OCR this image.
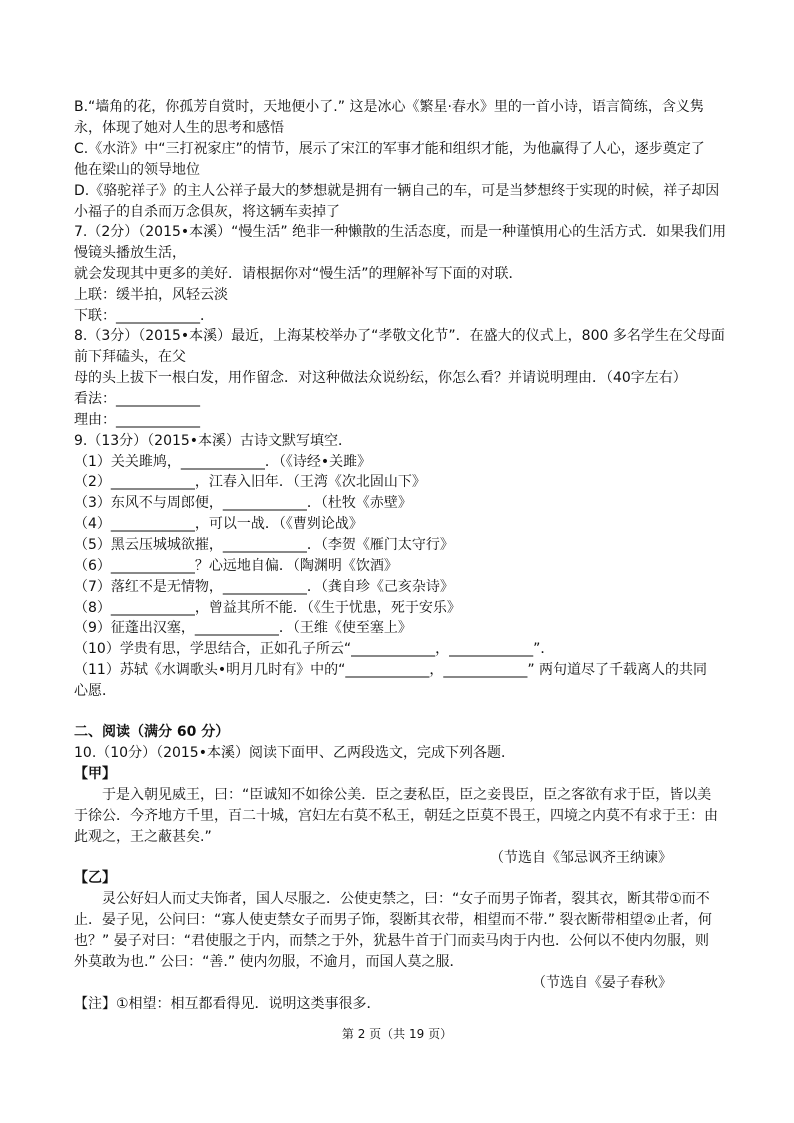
B.“墙角的花，你孤芳自赏时，天地便小了.” 这是冰心《繁星·春水》里的一首小诗，语言简练，含义隽
永，体现了她对人生的思考和感悟
C.《水浒》中“三打祝家庄”的情节，展示了宋江的军事才能和组织才能，为他赢得了人心，逐步奠定了
他在梁山的领导地位
D.《骆驼祥子》的主人公祥子最大的梦想就是拥有一辆自己的车，可是当梦想终于实现的时候，祥子却因
小福子的自杀而万念俱灰，将这辆车卖掉了
7.（2分）（2015•本溪）“慢生活” 绝非一种懒散的生活态度，而是一种谨慎用心的生活方式．如果我们用
慢镜头播放生活，
就会发现其中更多的美好．请根据你对“慢生活”的理解补写下面的对联．
上联：缓半拍，风轻云淡
下联：____________．
8.（3分）（2015•本溪）最近，上海某校举办了“孝敬文化节”．在盛大的仪式上，800 多名学生在父母面
前下拜磕头，在父
母的头上拔下一根白发，用作留念．对这种做法众说纷纭，你怎么看？并请说明理由．（40字左右）
看法：____________
理由：____________
9.（13分）（2015•本溪）古诗文默写填空．
（1）关关雎鸠，____________．（《诗经•关雎》
（2）____________，江春入旧年．（王湾《次北固山下》
（3）东风不与周郎便，____________．（杜牧《赤壁》
（4）____________，可以一战．（《曹刿论战》
（5）黑云压城城欲摧，____________．（李贺《雁门太守行》
（6）____________？心远地自偏．（陶渊明《饮酒》
（7）落红不是无情物，____________．（龚自珍《己亥杂诗》
（8）____________，曾益其所不能．（《生于忧患，死于安乐》
（9）征蓬出汉塞，____________．（王维《使至塞上》
（10）学贵有思，学思结合，正如孔子所云“____________，____________”．
（11）苏轼《水调歌头•明月几时有》中的“____________，____________” 两句道尽了千载离人的共同
心愿．
二、阅读（满分 60 分）
10.（10分）（2015•本溪）阅读下面甲、乙两段选文，完成下列各题．
【甲】
于是入朝见威王，曰：“臣诚知不如徐公美．臣之妻私臣，臣之妾畏臣，臣之客欲有求于臣，皆以美
于徐公．今齐地方千里，百二十城，宫妇左右莫不私王，朝廷之臣莫不畏王，四境之内莫不有求于王：由
此观之，王之蔽甚矣.”
（节选自《邹忌讽齐王纳谏》
【乙】
灵公好妇人而丈夫饰者，国人尽服之．公使吏禁之，曰：“女子而男子饰者，裂其衣，断其带①而不
止．晏子见，公问曰：“寡人使吏禁女子而男子饰，裂断其衣带，相望而不带.” 裂衣断带相望②止者，何
也？” 晏子对曰：“君使服之于内，而禁之于外，犹悬牛首于门而卖马肉于内也．公何以不使内勿服，则
外莫敢为也.” 公曰：“善.” 使内勿服，不逾月，而国人莫之服．
（节选自《晏子春秋》
【注】①相望：相互都看得见．说明这类事很多．
第 2 页（共 19 页）
